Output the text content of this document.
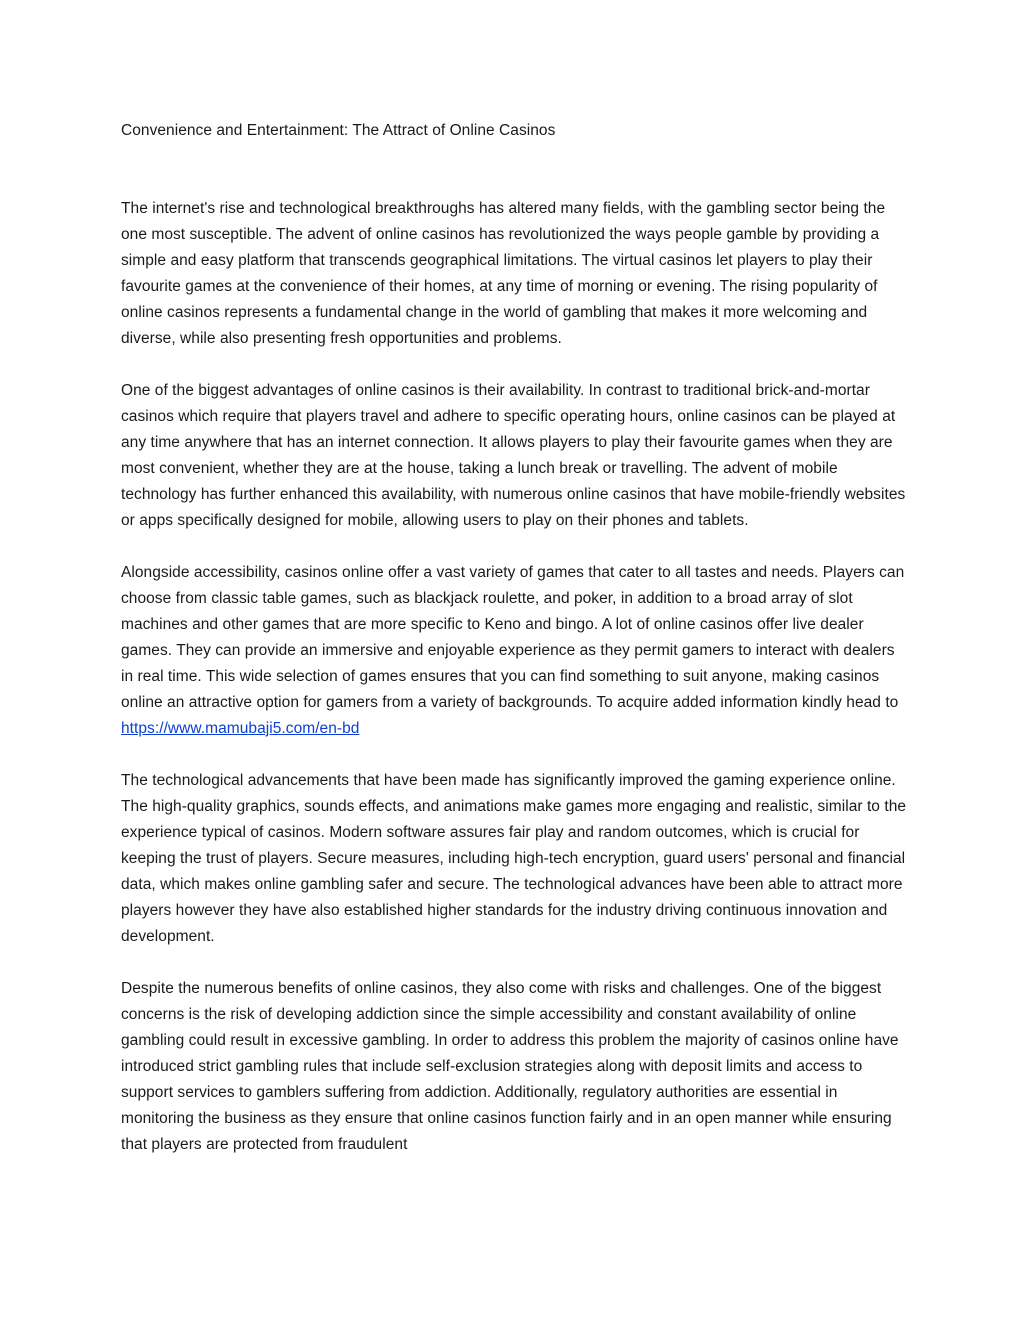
Convenience and Entertainment: The Attract of Online Casinos

The internet's rise and technological breakthroughs has altered many fields, with the gambling sector being the one most susceptible. The advent of online casinos has revolutionized the ways people gamble by providing a simple and easy platform that transcends geographical limitations. The virtual casinos let players to play their favourite games at the convenience of their homes, at any time of morning or evening. The rising popularity of online casinos represents a fundamental change in the world of gambling that makes it more welcoming and diverse, while also presenting fresh opportunities and problems.

One of the biggest advantages of online casinos is their availability. In contrast to traditional brick-and-mortar casinos which require that players travel and adhere to specific operating hours, online casinos can be played at any time anywhere that has an internet connection. It allows players to play their favourite games when they are most convenient, whether they are at the house, taking a lunch break or travelling. The advent of mobile technology has further enhanced this availability, with numerous online casinos that have mobile-friendly websites or apps specifically designed for mobile, allowing users to play on their phones and tablets.

Alongside accessibility, casinos online offer a vast variety of games that cater to all tastes and needs. Players can choose from classic table games, such as blackjack roulette, and poker, in addition to a broad array of slot machines and other games that are more specific to Keno and bingo. A lot of online casinos offer live dealer games. They can provide an immersive and enjoyable experience as they permit gamers to interact with dealers in real time. This wide selection of games ensures that you can find something to suit anyone, making casinos online an attractive option for gamers from a variety of backgrounds. To acquire added information kindly head to https://www.mamubaji5.com/en-bd

The technological advancements that have been made has significantly improved the gaming experience online. The high-quality graphics, sounds effects, and animations make games more engaging and realistic, similar to the experience typical of casinos. Modern software assures fair play and random outcomes, which is crucial for keeping the trust of players. Secure measures, including high-tech encryption, guard users' personal and financial data, which makes online gambling safer and secure. The technological advances have been able to attract more players however they have also established higher standards for the industry driving continuous innovation and development.

Despite the numerous benefits of online casinos, they also come with risks and challenges. One of the biggest concerns is the risk of developing addiction since the simple accessibility and constant availability of online gambling could result in excessive gambling. In order to address this problem the majority of casinos online have introduced strict gambling rules that include self-exclusion strategies along with deposit limits and access to support services to gamblers suffering from addiction. Additionally, regulatory authorities are essential in monitoring the business as they ensure that online casinos function fairly and in an open manner while ensuring that players are protected from fraudulent
